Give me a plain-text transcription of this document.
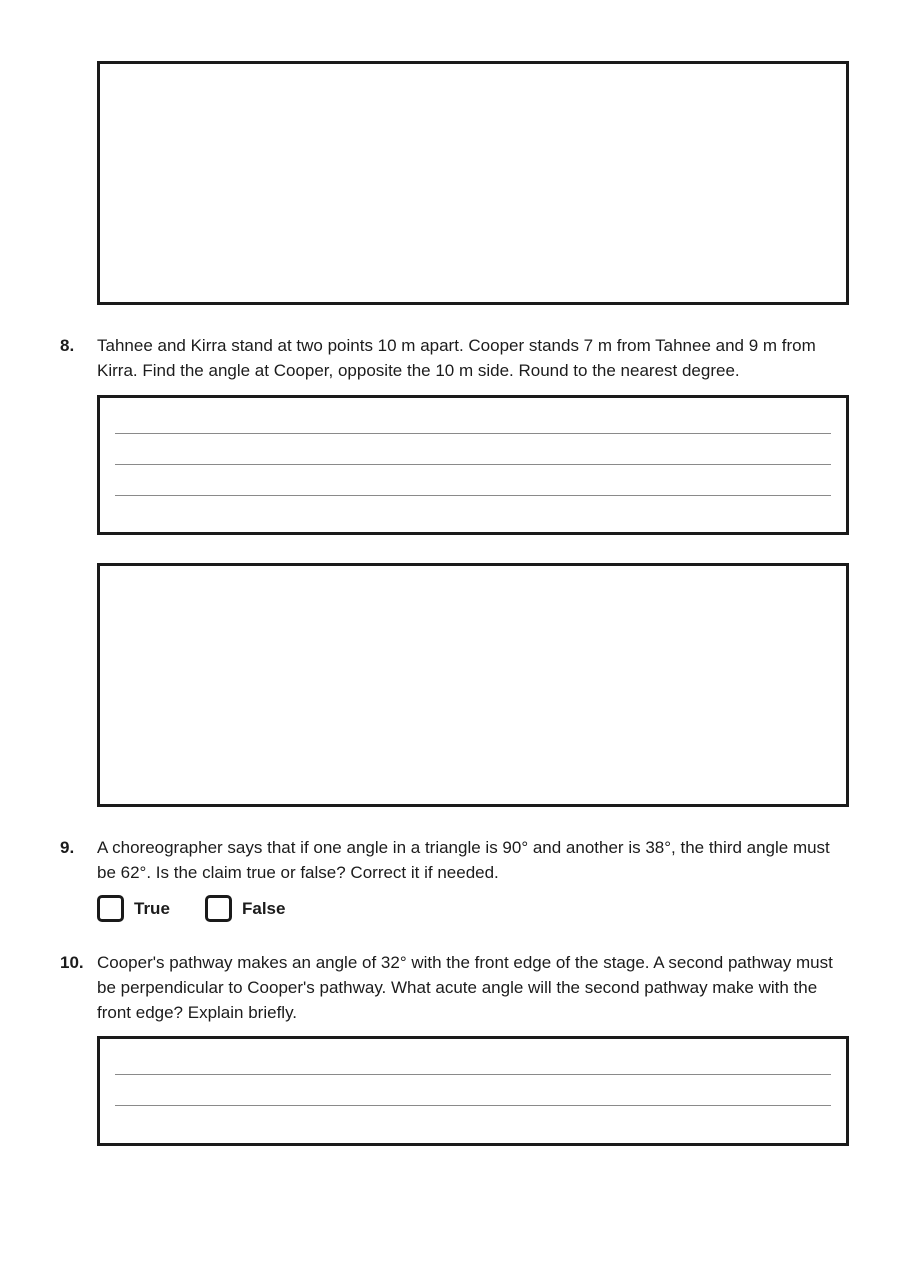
8. Tahnee and Kirra stand at two points 10 m apart. Cooper stands 7 m from Tahnee and 9 m from Kirra. Find the angle at Cooper, opposite the 10 m side. Round to the nearest degree.

9. A choreographer says that if one angle in a triangle is 90° and another is 38°, the third angle must be 62°. Is the claim true or false? Correct it if needed.

True	False
10. Cooper's pathway makes an angle of 32° with the front edge of the stage. A second pathway must be perpendicular to Cooper's pathway. What acute angle will the second pathway make with the front edge? Explain briefly.
